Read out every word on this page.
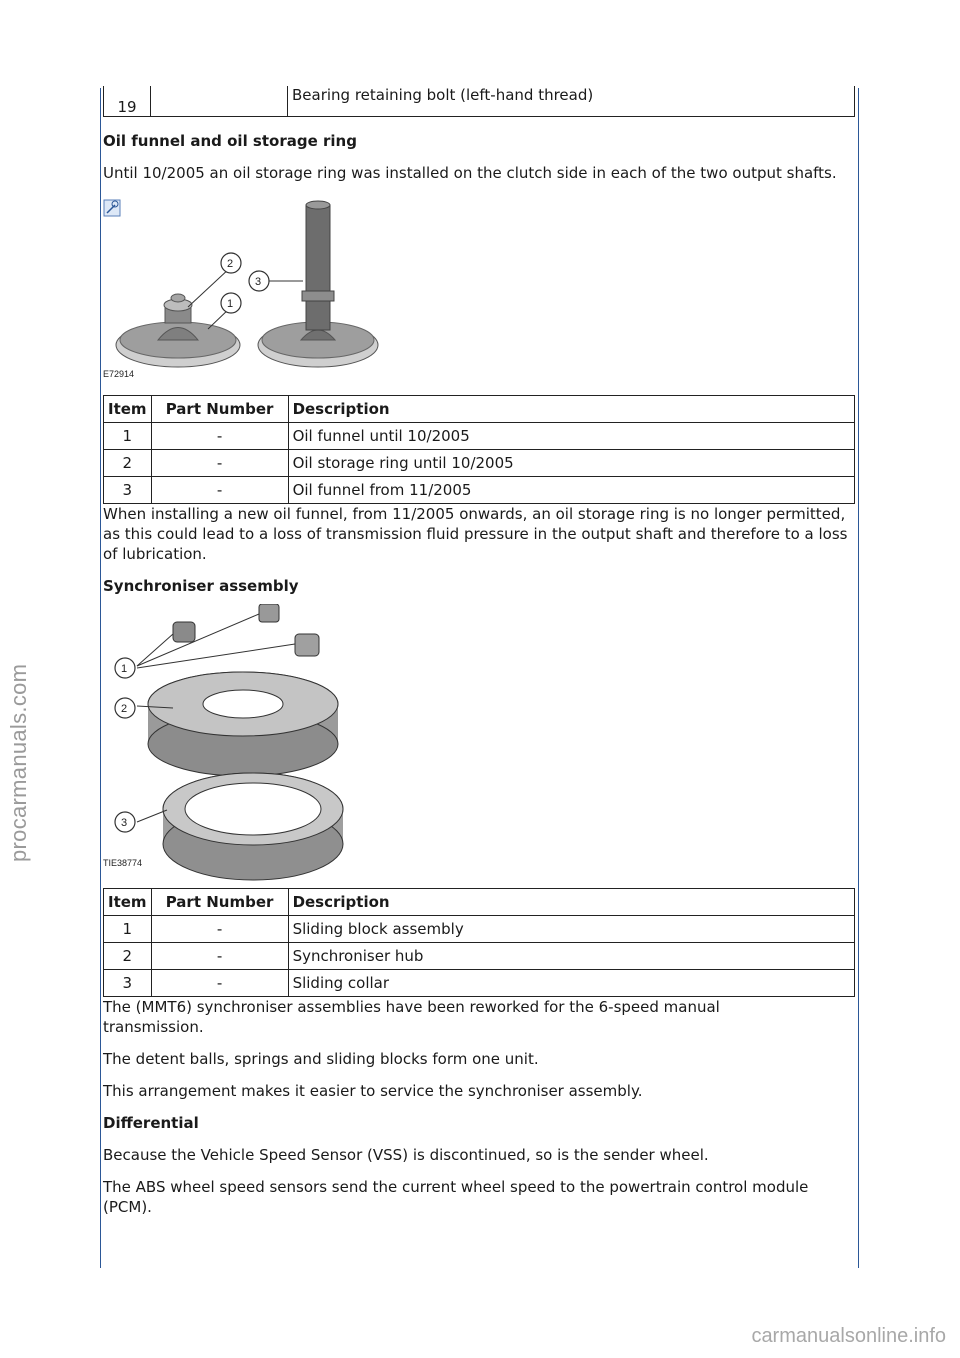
procarmanuals.com
19		Bearing retaining bolt (left-hand thread)
Oil funnel and oil storage ring

Until 10/2005 an oil storage ring was installed on the clutch side in each of the two output shafts.

1
2
3
E72914
Item	Part Number	Description
1	-	Oil funnel until 10/2005
2	-	Oil storage ring until 10/2005
3	-	Oil funnel from 11/2005

When installing a new oil funnel, from 11/2005 onwards, an oil storage ring is no longer permitted, as this could lead to a loss of transmission fluid pressure in the output shaft and therefore to a loss of lubrication.

Synchroniser assembly
1
2
3
TIE38774
Item	Part Number	Description
1	-	Sliding block assembly
2	-	Synchroniser hub
3	-	Sliding collar

The (MMT6) synchroniser assemblies have been reworked for the 6-speed manual transmission.

The detent balls, springs and sliding blocks form one unit.

This arrangement makes it easier to service the synchroniser assembly.

Differential

Because the Vehicle Speed Sensor (VSS) is discontinued, so is the sender wheel.

The ABS wheel speed sensors send the current wheel speed to the powertrain control module (PCM).

carmanualsonline.info
